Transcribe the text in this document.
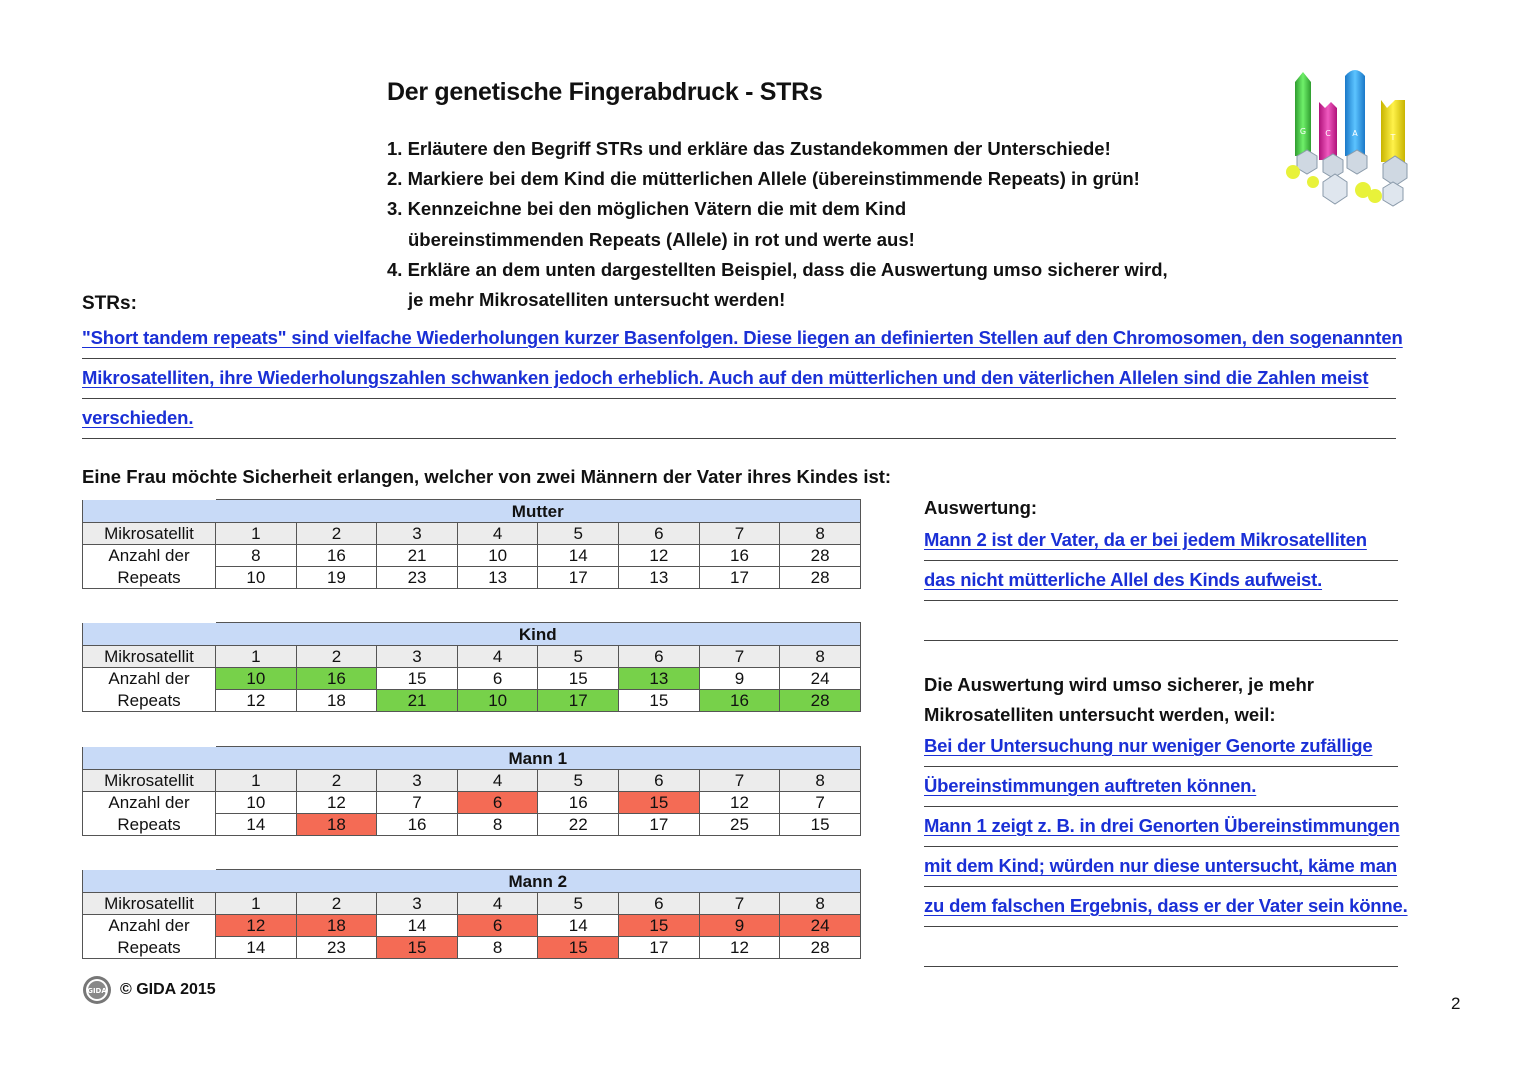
Der genetische Fingerabdruck - STRs
1. Erläutere den Begriff STRs und erkläre das Zustandekommen der Unterschiede!
2. Markiere bei dem Kind die mütterlichen Allele (übereinstimmende Repeats) in grün!
3. Kennzeichne bei den möglichen Vätern die mit dem Kind
übereinstimmenden Repeats (Allele) in rot und werte aus!
4. Erkläre an dem unten dargestellten Beispiel, dass die Auswertung umso sicherer wird,
je mehr Mikrosatelliten untersucht werden!
G C	A	T
STRs:
"Short tandem repeats" sind vielfache Wiederholungen kurzer Basenfolgen. Diese liegen an definierten Stellen auf den Chromosomen, den sogenannten
Mikrosatelliten, ihre Wiederholungszahlen schwanken jedoch erheblich. Auch auf den mütterlichen und den väterlichen Allelen sind die Zahlen meist
verschieden.
Eine Frau möchte Sicherheit erlangen, welcher von zwei Männern der Vater ihres Kindes ist:
	Mutter							
Mikrosatellit	1	2	3	4	5	6	7	8
Anzahl der	8	16	21	10	14	12	16	28
Repeats	10	19	23	13	17	13	17	28
	Kind							
Mikrosatellit	1	2	3	4	5	6	7	8
Anzahl der	10	16	15	6	15	13	9	24
Repeats	12	18	21	10	17	15	16	28
	Mann 1							
Mikrosatellit	1	2	3	4	5	6	7	8
Anzahl der	10	12	7	6	16	15	12	7
Repeats	14	18	16	8	22	17	25	15
	Mann 2							
Mikrosatellit	1	2	3	4	5	6	7	8
Anzahl der	12	18	14	6	14	15	9	24
Repeats	14	23	15	8	15	17	12	28
Auswertung:
Mann 2 ist der Vater, da er bei jedem Mikrosatelliten
das nicht mütterliche Allel des Kinds aufweist.
Die Auswertung wird umso sicherer, je mehr
Mikrosatelliten untersucht werden, weil:
Bei der Untersuchung nur weniger Genorte zufällige
Übereinstimmungen auftreten können.
Mann 1 zeigt z. B. in drei Genorten Übereinstimmungen
mit dem Kind; würden nur diese untersucht, käme man
zu dem falschen Ergebnis, dass er der Vater sein könne.
GIDA © GIDA 2015
2
